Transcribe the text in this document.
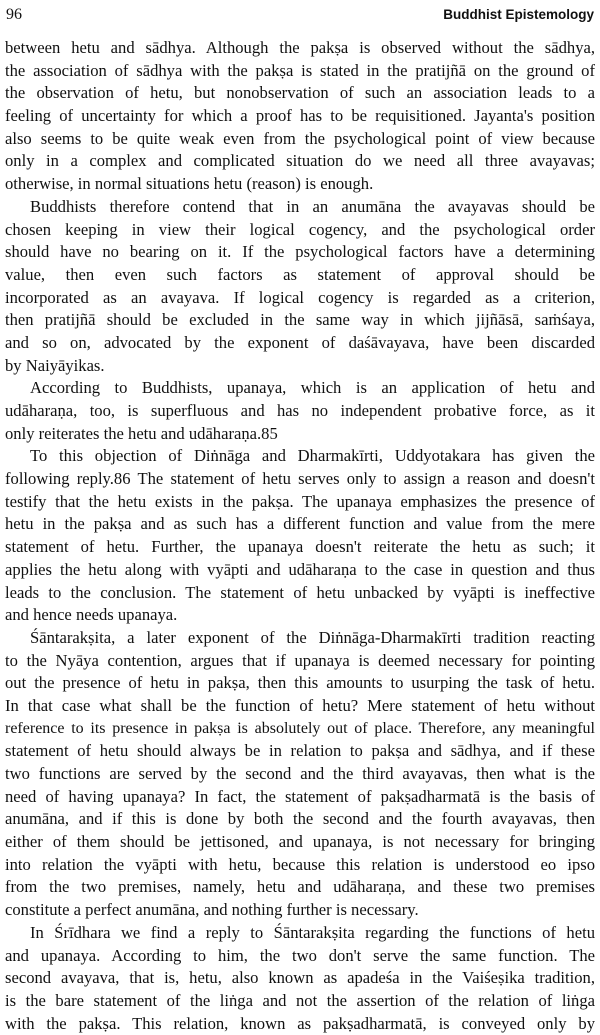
96	Buddhist Epistemology
between hetu and sādhya. Although the pakṣa is observed without the sādhya,
the association of sādhya with the pakṣa is stated in the pratijñā on the ground of
the observation of hetu, but nonobservation of such an association leads to a
feeling of uncertainty for which a proof has to be requisitioned. Jayanta's position
also seems to be quite weak even from the psychological point of view because
only in a complex and complicated situation do we need all three avayavas;
otherwise, in normal situations hetu (reason) is enough.
Buddhists therefore contend that in an anumāna the avayavas should be
chosen keeping in view their logical cogency, and the psychological order
should have no bearing on it. If the psychological factors have a determining
value, then even such factors as statement of approval should be
incorporated as an avayava. If logical cogency is regarded as a criterion,
then pratijñā should be excluded in the same way in which jijñāsā, saṁśaya,
and so on, advocated by the exponent of daśāvayava, have been discarded
by Naiyāyikas.
According to Buddhists, upanaya, which is an application of hetu and
udāharaṇa, too, is superfluous and has no independent probative force, as it
only reiterates the hetu and udāharaṇa.85
To this objection of Diṅnāga and Dharmakīrti, Uddyotakara has given the
following reply.86 The statement of hetu serves only to assign a reason and doesn't
testify that the hetu exists in the pakṣa. The upanaya emphasizes the presence of
hetu in the pakṣa and as such has a different function and value from the mere
statement of hetu. Further, the upanaya doesn't reiterate the hetu as such; it
applies the hetu along with vyāpti and udāharaṇa to the case in question and thus
leads to the conclusion. The statement of hetu unbacked by vyāpti is ineffective
and hence needs upanaya.
Śāntarakṣita, a later exponent of the Diṅnāga-Dharmakīrti tradition reacting
to the Nyāya contention, argues that if upanaya is deemed necessary for pointing
out the presence of hetu in pakṣa, then this amounts to usurping the task of hetu.
In that case what shall be the function of hetu? Mere statement of hetu without
reference to its presence in pakṣa is absolutely out of place. Therefore, any meaningful
statement of hetu should always be in relation to pakṣa and sādhya, and if these
two functions are served by the second and the third avayavas, then what is the
need of having upanaya? In fact, the statement of pakṣadharmatā is the basis of
anumāna, and if this is done by both the second and the fourth avayavas, then
either of them should be jettisoned, and upanaya, is not necessary for bringing
into relation the vyāpti with hetu, because this relation is understood eo ipso
from the two premises, namely, hetu and udāharaṇa, and these two premises
constitute a perfect anumāna, and nothing further is necessary.
In Śrīdhara we find a reply to Śāntarakṣita regarding the functions of hetu
and upanaya. According to him, the two don't serve the same function. The
second avayava, that is, hetu, also known as apadeśa in the Vaiśeṣika tradition,
is the bare statement of the liṅga and not the assertion of the relation of liṅga
with the pakṣa. This relation, known as pakṣadharmatā, is conveyed only by
